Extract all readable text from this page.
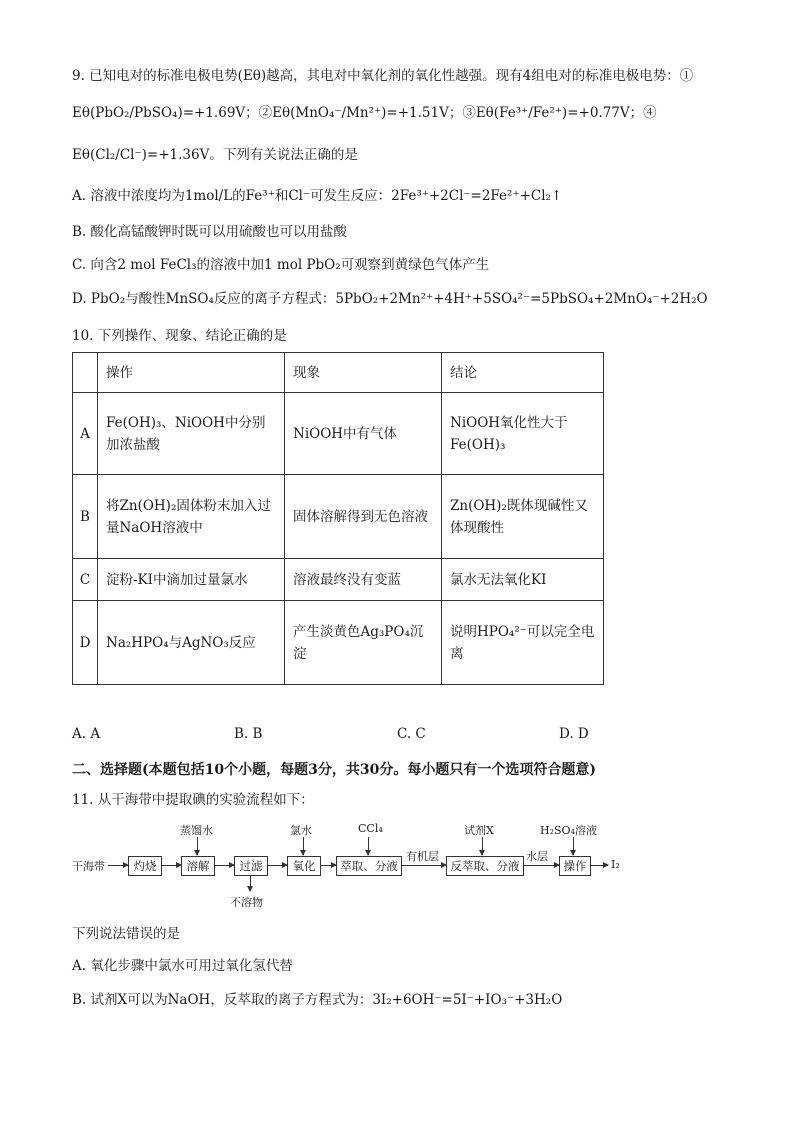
9. 已知电对的标准电极电势(Eθ)越高，其电对中氧化剂的氧化性越强。现有4组电对的标准电极电势：①
Eθ(PbO₂/PbSO₄)=+1.69V；②Eθ(MnO₄⁻/Mn²⁺)=+1.51V；③Eθ(Fe³⁺/Fe²⁺)=+0.77V；④
Eθ(Cl₂/Cl⁻)=+1.36V。下列有关说法正确的是
A. 溶液中浓度均为1mol/L的Fe³⁺和Cl⁻可发生反应：2Fe³⁺+2Cl⁻=2Fe²⁺+Cl₂↑
B. 酸化高锰酸钾时既可以用硫酸也可以用盐酸
C. 向含2 mol FeCl₃的溶液中加1 mol PbO₂可观察到黄绿色气体产生
D. PbO₂与酸性MnSO₄反应的离子方程式：5PbO₂+2Mn²⁺+4H⁺+5SO₄²⁻=5PbSO₄+2MnO₄⁻+2H₂O
10. 下列操作、现象、结论正确的是
	操作	现象	结论
A	Fe(OH)₃、NiOOH中分别加浓盐酸	NiOOH中有气体	NiOOH氧化性大于Fe(OH)₃
B	将Zn(OH)₂固体粉末加入过量NaOH溶液中	固体溶解得到无色溶液	Zn(OH)₂既体现碱性又体现酸性
C	淀粉-KI中滴加过量氯水	溶液最终没有变蓝	氯水无法氧化KI
D	Na₂HPO₄与AgNO₃反应	产生淡黄色Ag₃PO₄沉淀	说明HPO₄²⁻可以完全电离
A. A	B. B	C. C	D. D
二、选择题(本题包括10个小题，每题3分，共30分。每小题只有一个选项符合题意)
11. 从干海带中提取碘的实验流程如下：
干海带	灼烧
蒸馏水
溶解	过滤
不溶物
氯水
氧化
CCl₄
萃取、分液
有机层
试剂X
反萃取、分液
水层
H₂SO₄溶液
操作	I₂
下列说法错误的是
A. 氧化步骤中氯水可用过氧化氢代替
B. 试剂X可以为NaOH，反萃取的离子方程式为：3I₂+6OH⁻=5I⁻+IO₃⁻+3H₂O
